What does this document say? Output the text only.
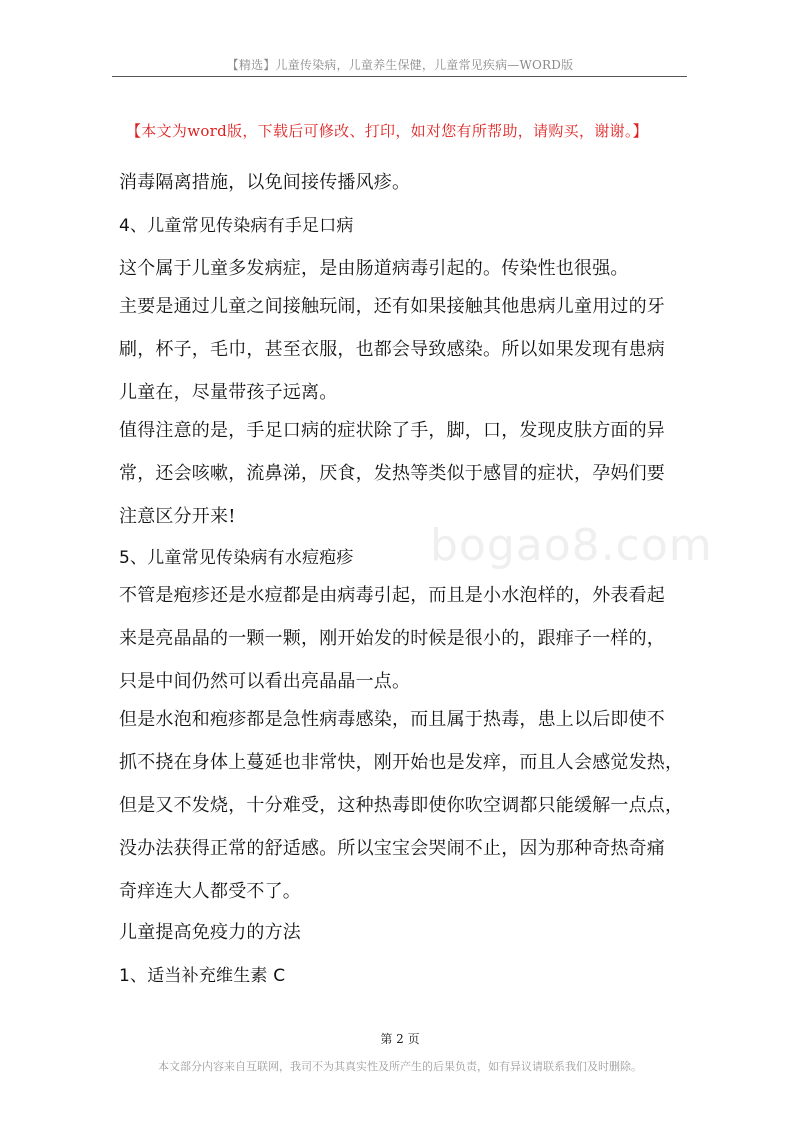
【精选】儿童传染病，儿童养生保健，儿童常见疾病—WORD版
【本文为word版，下载后可修改、打印，如对您有所帮助，请购买，谢谢。】
bogao8.com
消毒隔离措施，以免间接传播风疹。
4、儿童常见传染病有手足口病
这个属于儿童多发病症，是由肠道病毒引起的。传染性也很强。
主要是通过儿童之间接触玩闹，还有如果接触其他患病儿童用过的牙
刷，杯子，毛巾，甚至衣服，也都会导致感染。所以如果发现有患病
儿童在，尽量带孩子远离。
值得注意的是，手足口病的症状除了手，脚，口，发现皮肤方面的异
常，还会咳嗽，流鼻涕，厌食，发热等类似于感冒的症状，孕妈们要
注意区分开来!
5、儿童常见传染病有水痘疱疹
不管是疱疹还是水痘都是由病毒引起，而且是小水泡样的，外表看起
来是亮晶晶的一颗一颗，刚开始发的时候是很小的，跟痱子一样的，
只是中间仍然可以看出亮晶晶一点。
但是水泡和疱疹都是急性病毒感染，而且属于热毒，患上以后即使不
抓不挠在身体上蔓延也非常快，刚开始也是发痒，而且人会感觉发热，
但是又不发烧，十分难受，这种热毒即使你吹空调都只能缓解一点点，
没办法获得正常的舒适感。所以宝宝会哭闹不止，因为那种奇热奇痛
奇痒连大人都受不了。
儿童提高免疫力的方法
1、适当补充维生素 C
第 2 页
本文部分内容来自互联网，我司不为其真实性及所产生的后果负责，如有异议请联系我们及时删除。
